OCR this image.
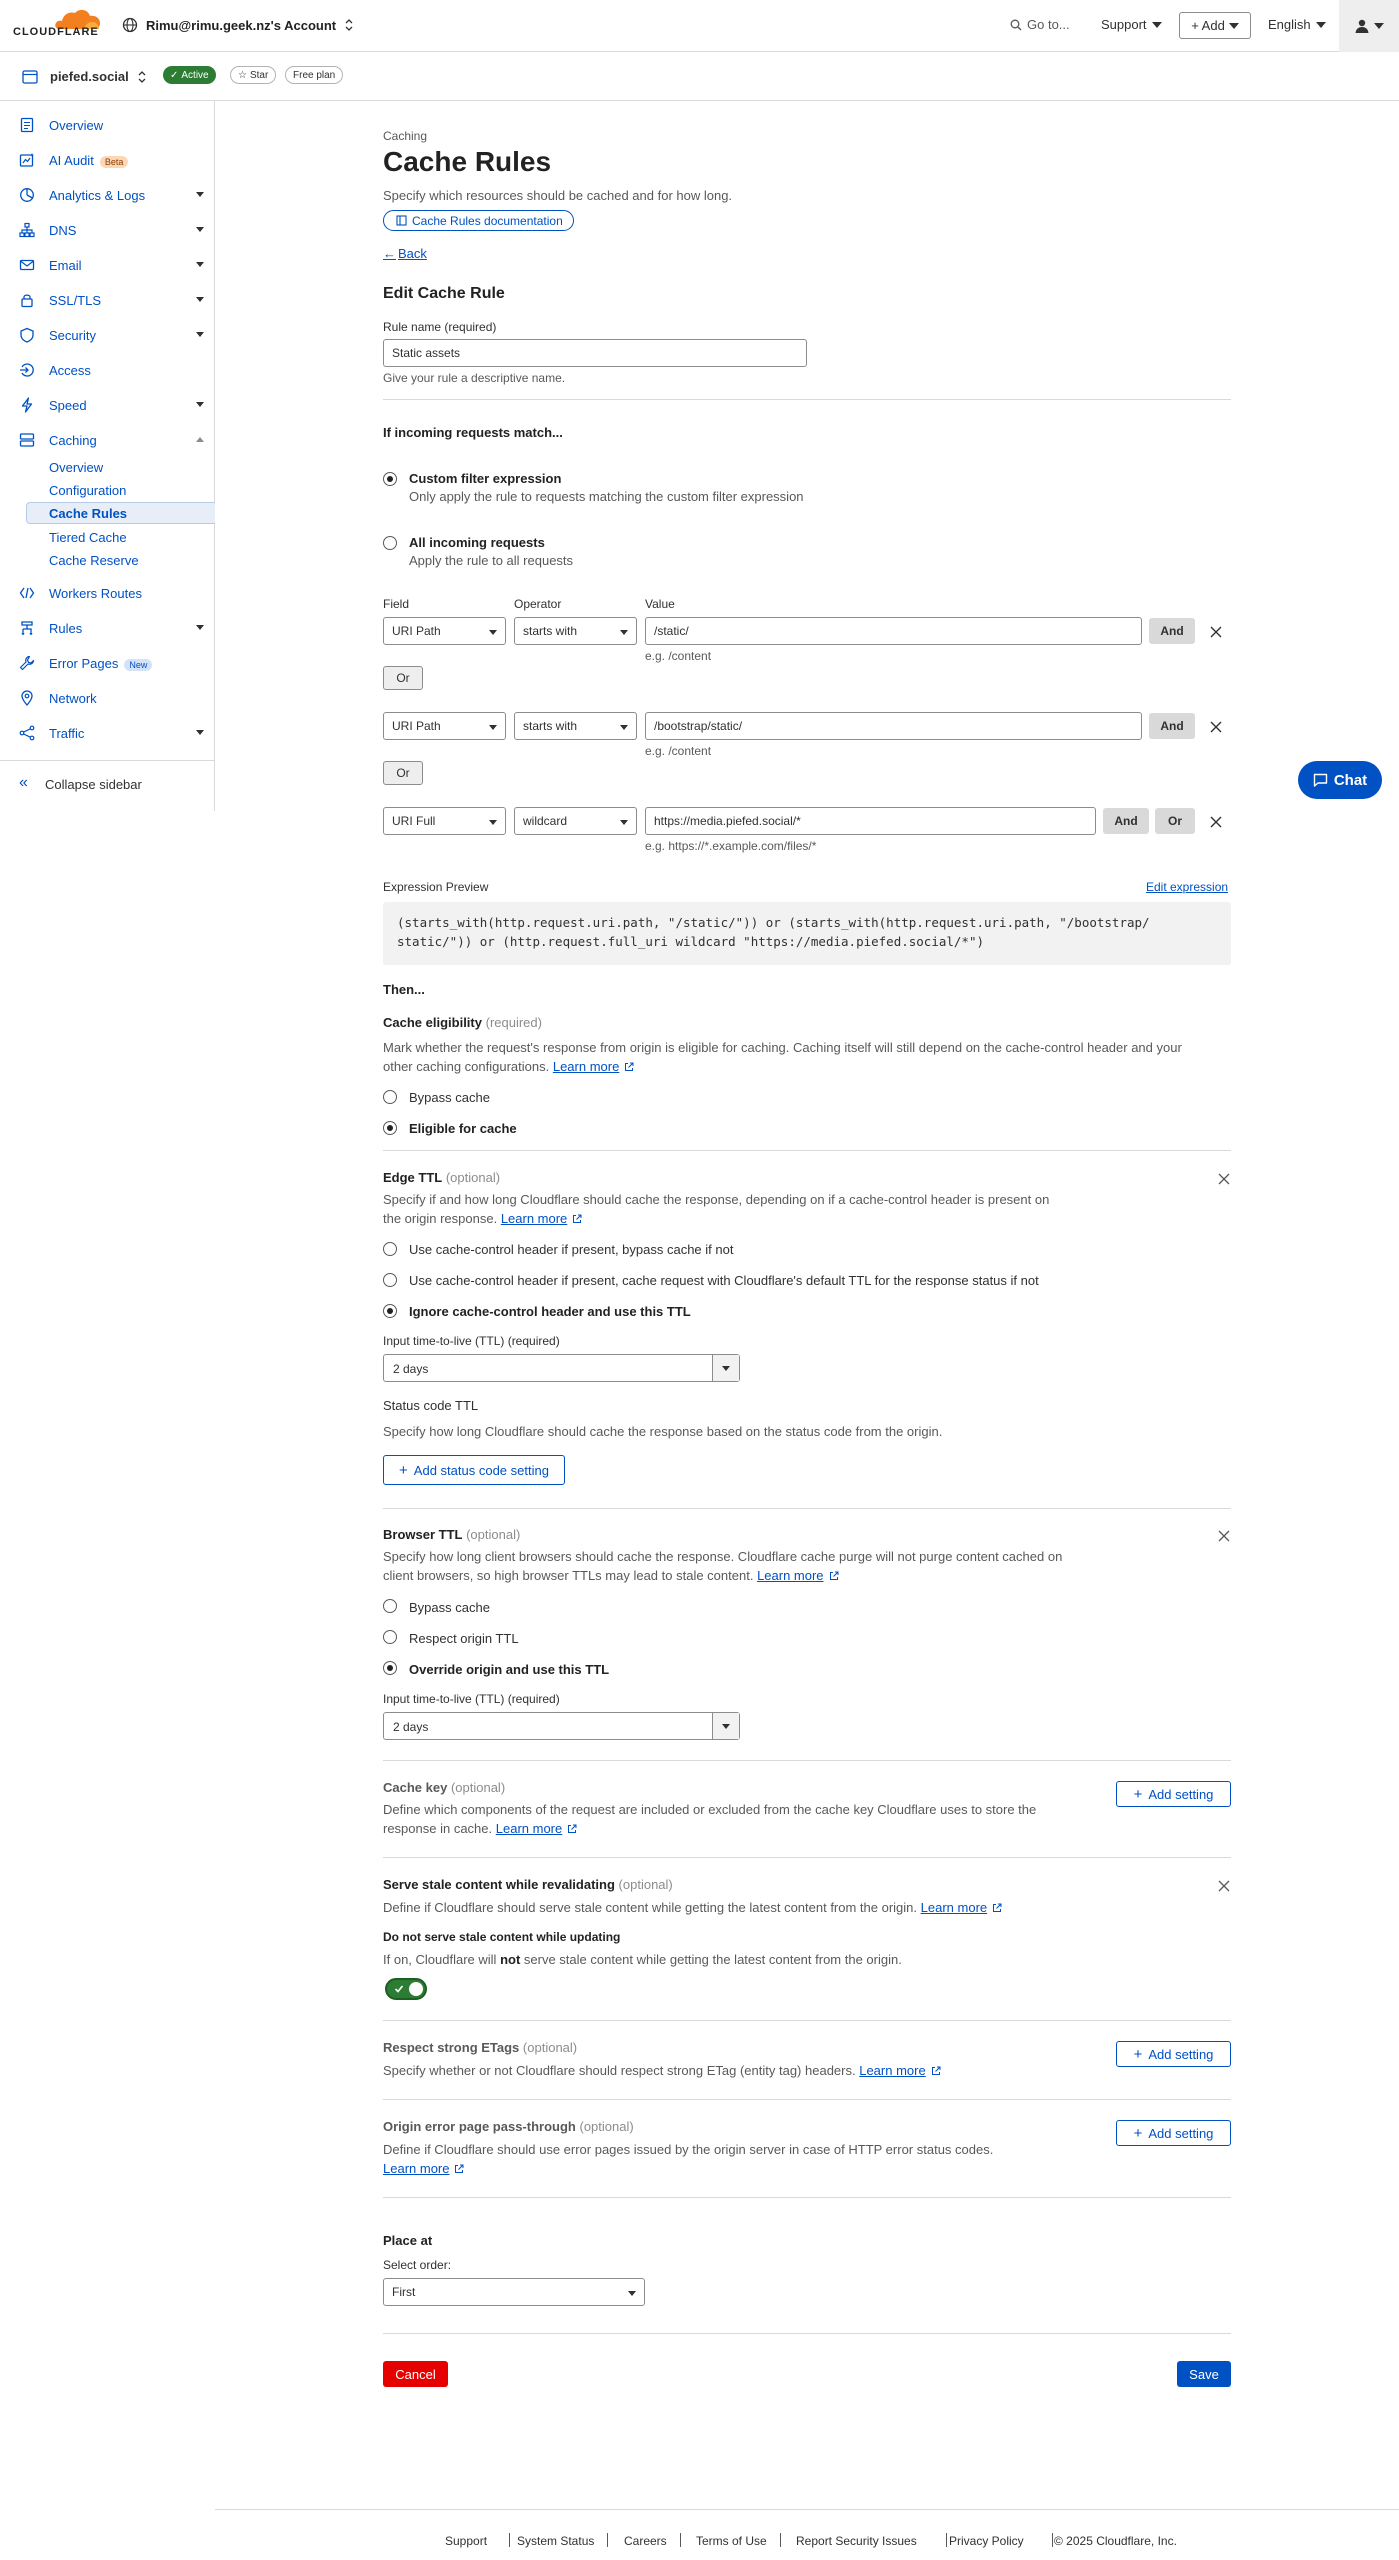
CLOUDFLARE	Rimu@rimu.geek.nz's Account	Go to... Support	+ Add	English
piefed.social	✓ Active	☆ Star Free plan
Overview
AI Audit Beta
Analytics & Logs
DNS
Email
SSL/TLS
Security
Access
Speed
Caching
Overview
Configuration
Cache Rules
Tiered Cache
Cache Reserve
Workers Routes
Rules
Error Pages New
Network
Traffic
«	Collapse sidebar
Caching
Cache Rules
Specify which resources should be cached and for how long.
Cache Rules documentation
← Back
Edit Cache Rule
Rule name (required)
Static assets
Give your rule a descriptive name.
If incoming requests match...
Custom filter expression
Only apply the rule to requests matching the custom filter expression
All incoming requests
Apply the rule to all requests
Field	Operator	Value
URI Path	starts with	/static/	And
e.g. /content
Or
URI Path	starts with	/bootstrap/static/	And
e.g. /content
Or
URI Full	wildcard	https://media.piefed.social/*	And	Or
e.g. https://*.example.com/files/*
Expression Preview	Edit expression
(starts_with(http.request.uri.path, "/static/")) or (starts_with(http.request.uri.path, "/bootstrap/
static/")) or (http.request.full_uri wildcard "https://media.piefed.social/*")
Then...
Cache eligibility (required)
Mark whether the request's response from origin is eligible for caching. Caching itself will still depend on the cache-control header and your
other caching configurations. Learn more
Bypass cache
Eligible for cache
Edge TTL (optional)
Specify if and how long Cloudflare should cache the response, depending on if a cache-control header is present on
the origin response. Learn more
Use cache-control header if present, bypass cache if not
Use cache-control header if present, cache request with Cloudflare's default TTL for the response status if not
Ignore cache-control header and use this TTL
Input time-to-live (TTL) (required)
2 days
Status code TTL
Specify how long Cloudflare should cache the response based on the status code from the origin.
+ Add status code setting
Browser TTL (optional)
Specify how long client browsers should cache the response. Cloudflare cache purge will not purge content cached on
client browsers, so high browser TTLs may lead to stale content. Learn more
Bypass cache
Respect origin TTL
Override origin and use this TTL
Input time-to-live (TTL) (required)
2 days
Cache key (optional)	+ Add setting
Define which components of the request are included or excluded from the cache key Cloudflare uses to store the
response in cache. Learn more
Serve stale content while revalidating (optional)
Define if Cloudflare should serve stale content while getting the latest content from the origin. Learn more
Do not serve stale content while updating
If on, Cloudflare will not serve stale content while getting the latest content from the origin.
Respect strong ETags (optional)	+ Add setting
Specify whether or not Cloudflare should respect strong ETag (entity tag) headers. Learn more
Origin error page pass-through (optional)	+ Add setting
Define if Cloudflare should use error pages issued by the origin server in case of HTTP error status codes.
Learn more
Place at
Select order:
First
Cancel	Save
Chat
Support System Status Careers Terms of Use Report Security Issues	Privacy Policy	© 2025 Cloudflare, Inc.
